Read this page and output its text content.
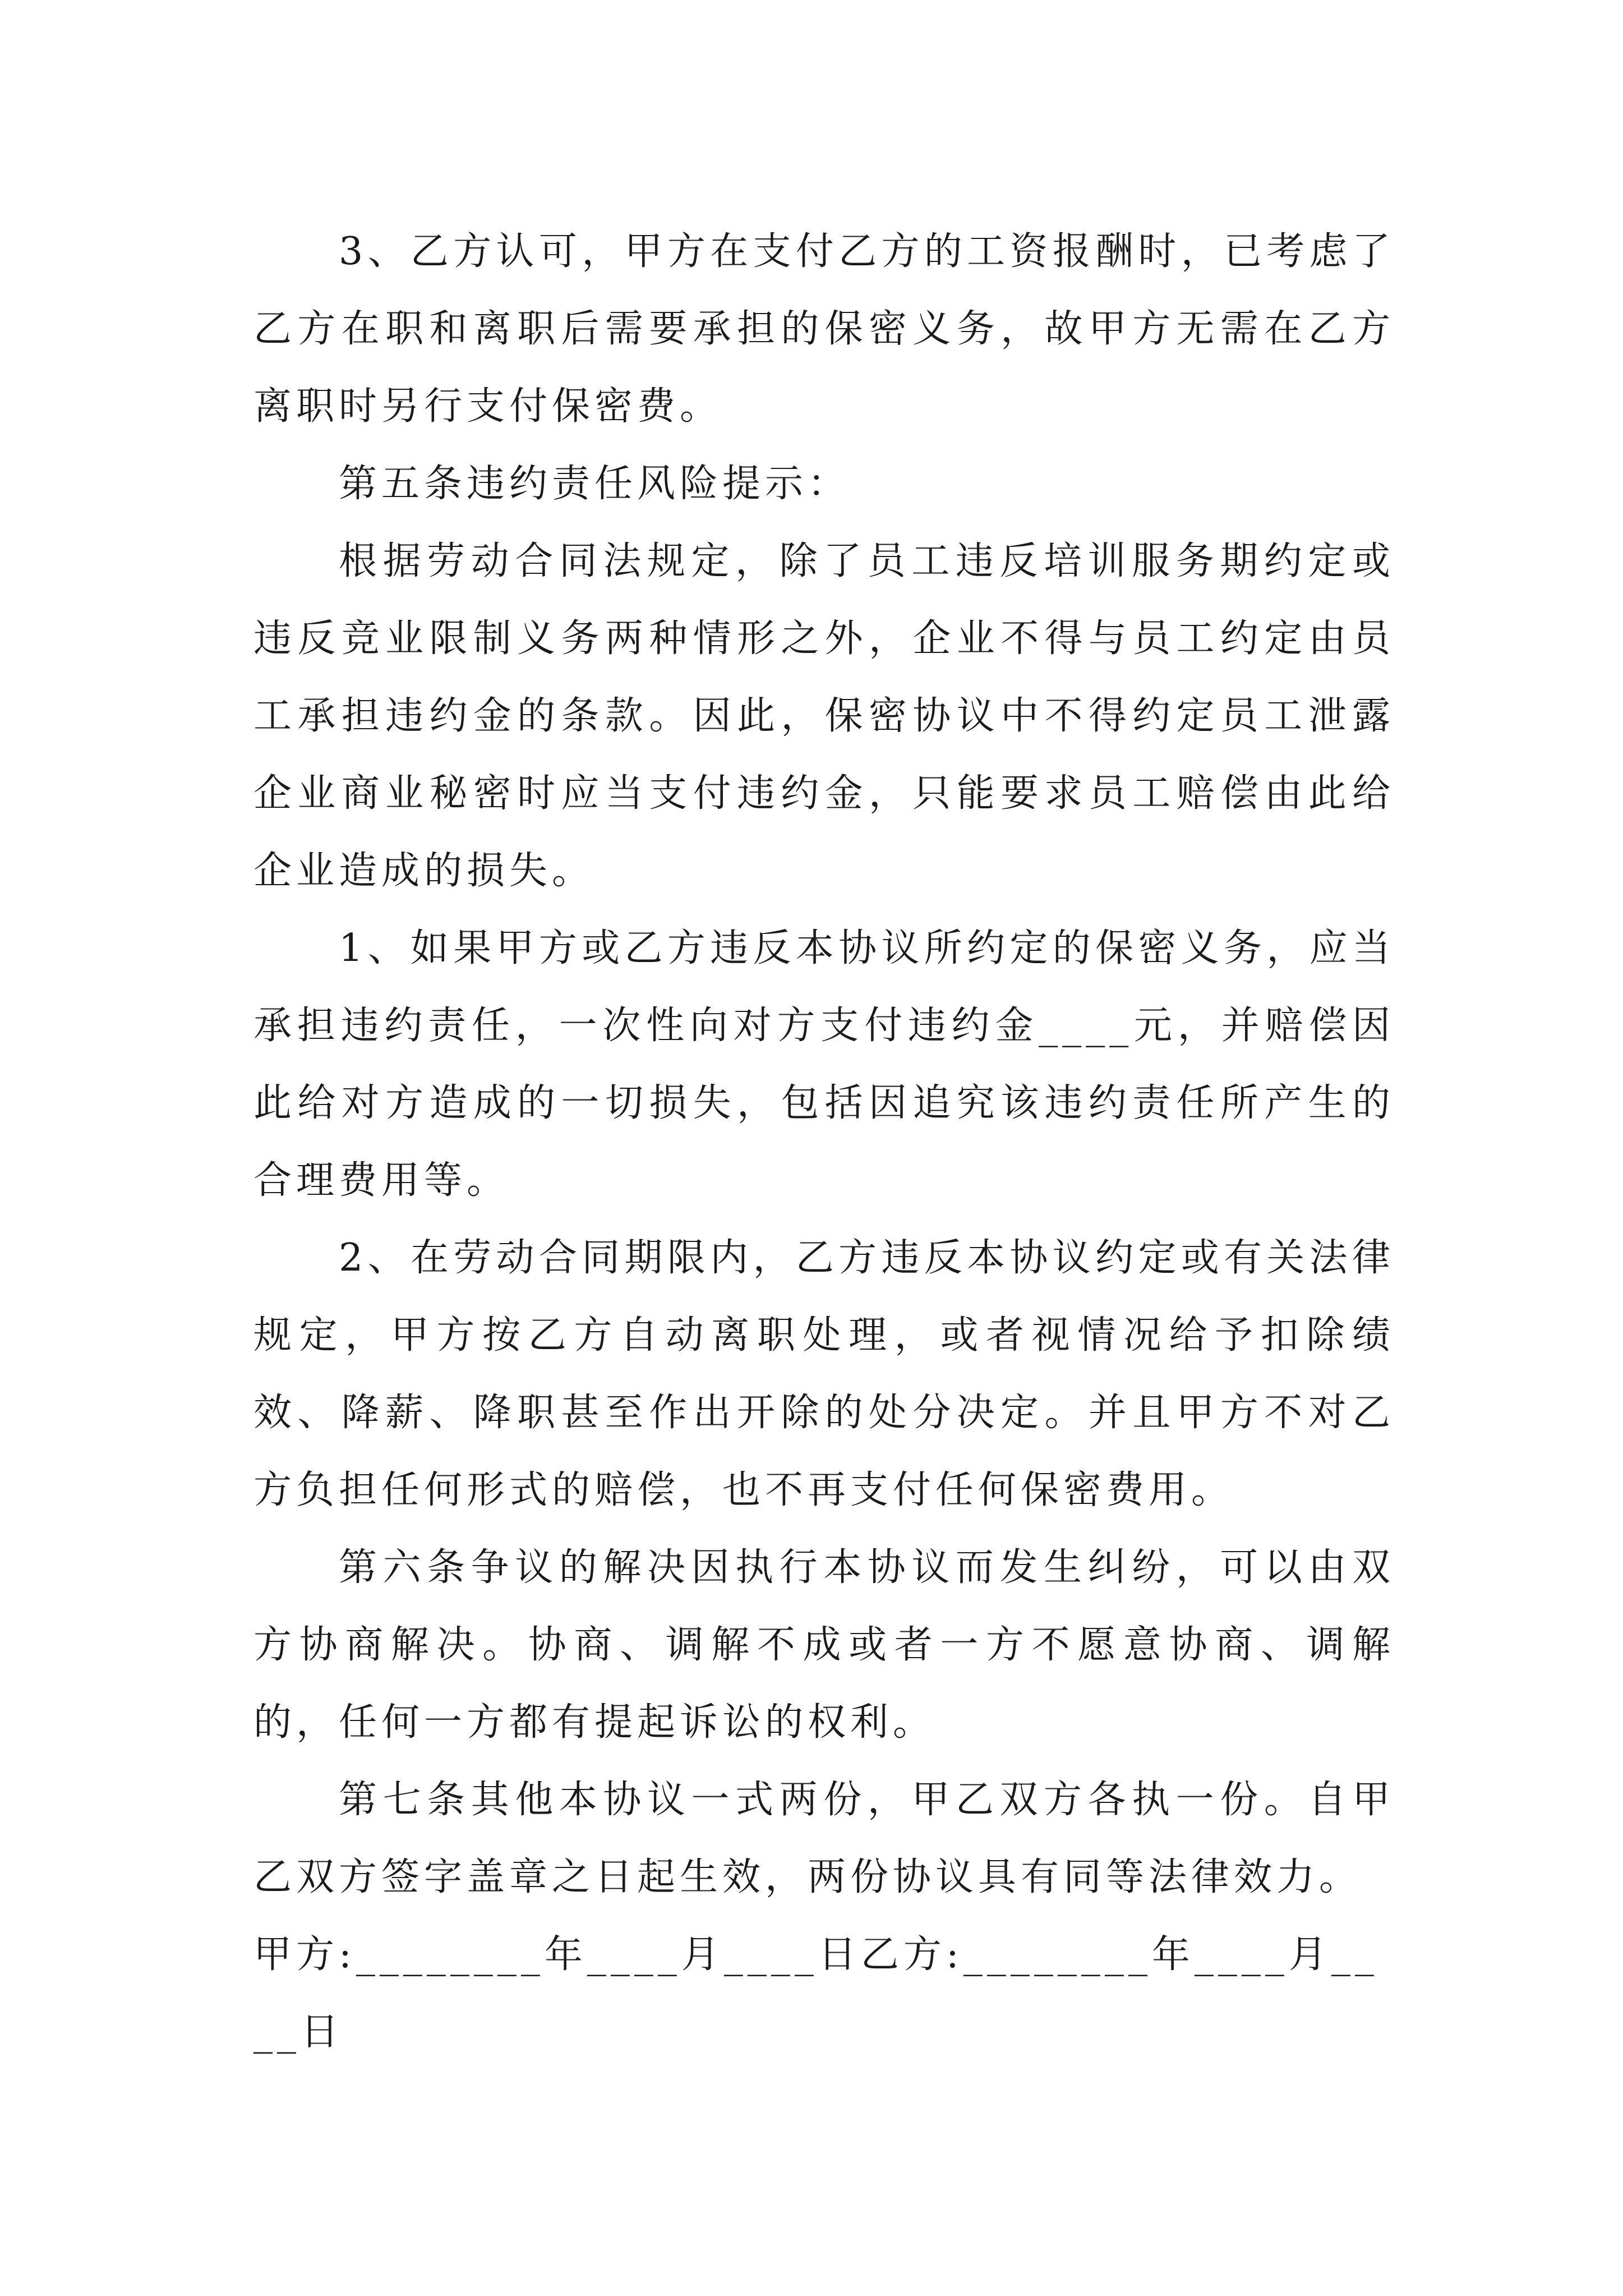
3、乙方认可，甲方在支付乙方的工资报酬时，已考虑了乙方在职和离职后需要承担的保密义务，故甲方无需在乙方离职时另行支付保密费。

第五条违约责任风险提示：

根据劳动合同法规定，除了员工违反培训服务期约定或违反竞业限制义务两种情形之外，企业不得与员工约定由员工承担违约金的条款。因此，保密协议中不得约定员工泄露企业商业秘密时应当支付违约金，只能要求员工赔偿由此给企业造成的损失。

1、如果甲方或乙方违反本协议所约定的保密义务，应当承担违约责任，一次性向对方支付违约金____元，并赔偿因此给对方造成的一切损失，包括因追究该违约责任所产生的合理费用等。

2、在劳动合同期限内，乙方违反本协议约定或有关法律规定，甲方按乙方自动离职处理，或者视情况给予扣除绩效、降薪、降职甚至作出开除的处分决定。并且甲方不对乙方负担任何形式的赔偿，也不再支付任何保密费用。

第六条争议的解决因执行本协议而发生纠纷，可以由双方协商解决。协商、调解不成或者一方不愿意协商、调解的，任何一方都有提起诉讼的权利。

第七条其他本协议一式两份，甲乙双方各执一份。自甲乙双方签字盖章之日起生效，两份协议具有同等法律效力。

甲方:________年____月____日乙方:________年____月____日
